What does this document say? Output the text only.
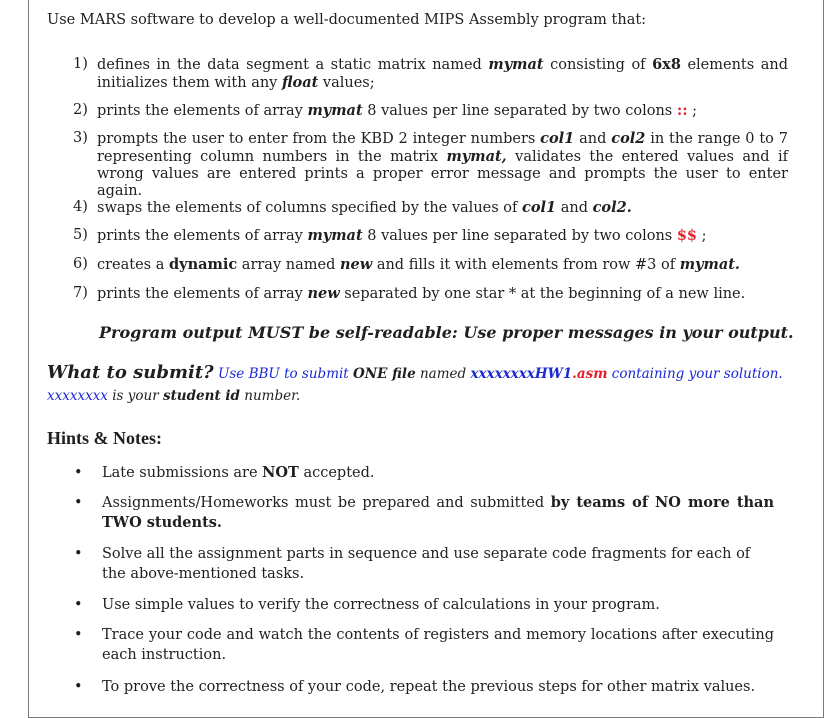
Use MARS software to develop a well-documented MIPS Assembly program that:
1) defines in the data segment a static matrix named mymat consisting of 6x8 elements and initializes them with any float values;
2) prints the elements of array mymat 8 values per line separated by two colons :: ;
3) prompts the user to enter from the KBD 2 integer numbers col1 and col2 in the range 0 to 7 representing column numbers in the matrix mymat, validates the entered values and if wrong values are entered prints a proper error message and prompts the user to enter again.
4) swaps the elements of columns specified by the values of col1 and col2.
5) prints the elements of array mymat 8 values per line separated by two colons $$ ;
6) creates a dynamic array named new and fills it with elements from row #3 of mymat.
7) prints the elements of array new separated by one star * at the beginning of a new line.
Program output MUST be self-readable: Use proper messages in your output.
What to submit? Use BBU to submit ONE file named xxxxxxxxHW1.asm containing your solution. xxxxxxxx is your student id number.
Hints & Notes:
• Late submissions are NOT accepted.
• Assignments/Homeworks must be prepared and submitted by teams of NO more than TWO students.
• Solve all the assignment parts in sequence and use separate code fragments for each of the above-mentioned tasks.
• Use simple values to verify the correctness of calculations in your program.
• Trace your code and watch the contents of registers and memory locations after executing each instruction.
• To prove the correctness of your code, repeat the previous steps for other matrix values.
